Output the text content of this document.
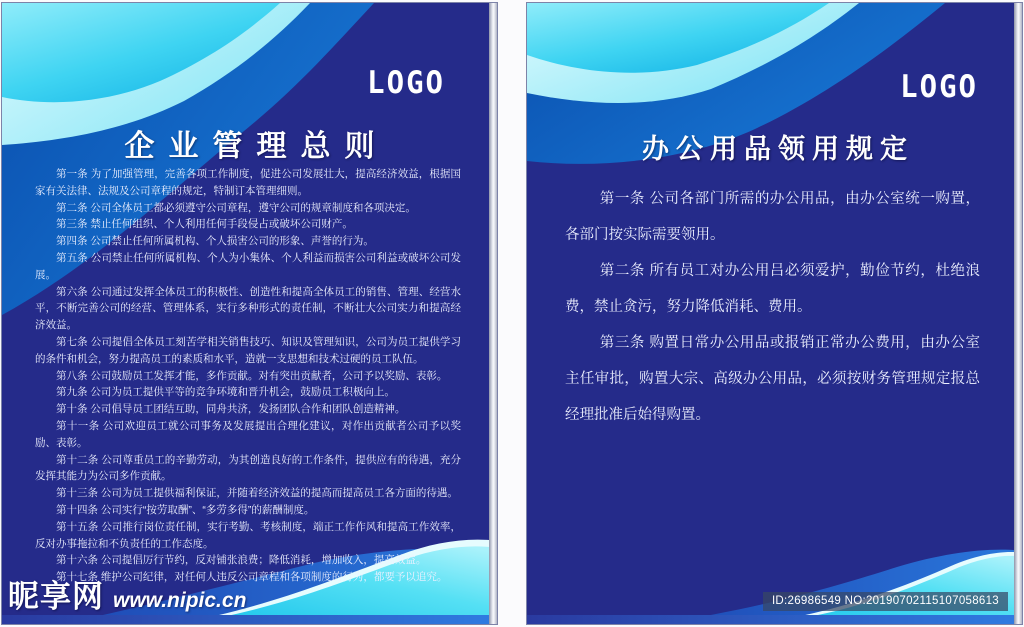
LOGO
企业管理总则

第一条 为了加强管理，完善各项工作制度，促进公司发展壮大，提高经济效益，根据国家有关法律、法规及公司章程的规定，特制订本管理细则。

第二条 公司全体员工都必须遵守公司章程，遵守公司的规章制度和各项决定。

第三条 禁止任何组织、个人利用任何手段侵占或破坏公司财产。

第四条 公司禁止任何所属机构、个人损害公司的形象、声誉的行为。

第五条 公司禁止任何所属机构、个人为小集体、个人利益而损害公司利益或破坏公司发展。

第六条 公司通过发挥全体员工的积极性、创造性和提高全体员工的销售、管理、经营水平，不断完善公司的经营、管理体系，实行多种形式的责任制，不断壮大公司实力和提高经济效益。

第七条 公司提倡全体员工刻苦学相关销售技巧、知识及管理知识，公司为员工提供学习的条件和机会，努力提高员工的素质和水平，造就一支思想和技术过硬的员工队伍。

第八条 公司鼓励员工发挥才能，多作贡献。对有突出贡献者，公司予以奖励、表彰。

第九条 公司为员工提供平等的竞争环境和晋升机会，鼓励员工积极向上。

第十条 公司倡导员工团结互助，同舟共济，发扬团队合作和团队创造精神。

第十一条 公司欢迎员工就公司事务及发展提出合理化建议，对作出贡献者公司予以奖励、表彰。

第十二条 公司尊重员工的辛勤劳动，为其创造良好的工作条件，提供应有的待遇，充分发挥其能力为公司多作贡献。

第十三条 公司为员工提供福利保证，并随着经济效益的提高而提高员工各方面的待遇。

第十四条 公司实行“按劳取酬”、“多劳多得”的薪酬制度。

第十五条 公司推行岗位责任制，实行考勤、考核制度，端正工作作风和提高工作效率，反对办事拖拉和不负责任的工作态度。

第十六条 公司提倡厉行节约，反对铺张浪费；降低消耗，增加收入，提高效益。

第十七条 维护公司纪律，对任何人违反公司章程和各项制度的行为，都要予以追究。

昵享网 www.nipic.cn
LOGO
办公用品领用规定

第一条 公司各部门所需的办公用品，由办公室统一购置，各部门按实际需要领用。

第二条 所有员工对办公用吕必须爱护，勤俭节约，杜绝浪费，禁止贪污，努力降低消耗、费用。

第三条 购置日常办公用品或报销正常办公费用，由办公室主任审批，购置大宗、高级办公用品，必须按财务管理规定报总经理批准后始得购置。

ID:26986549 NO:20190702115107058613
